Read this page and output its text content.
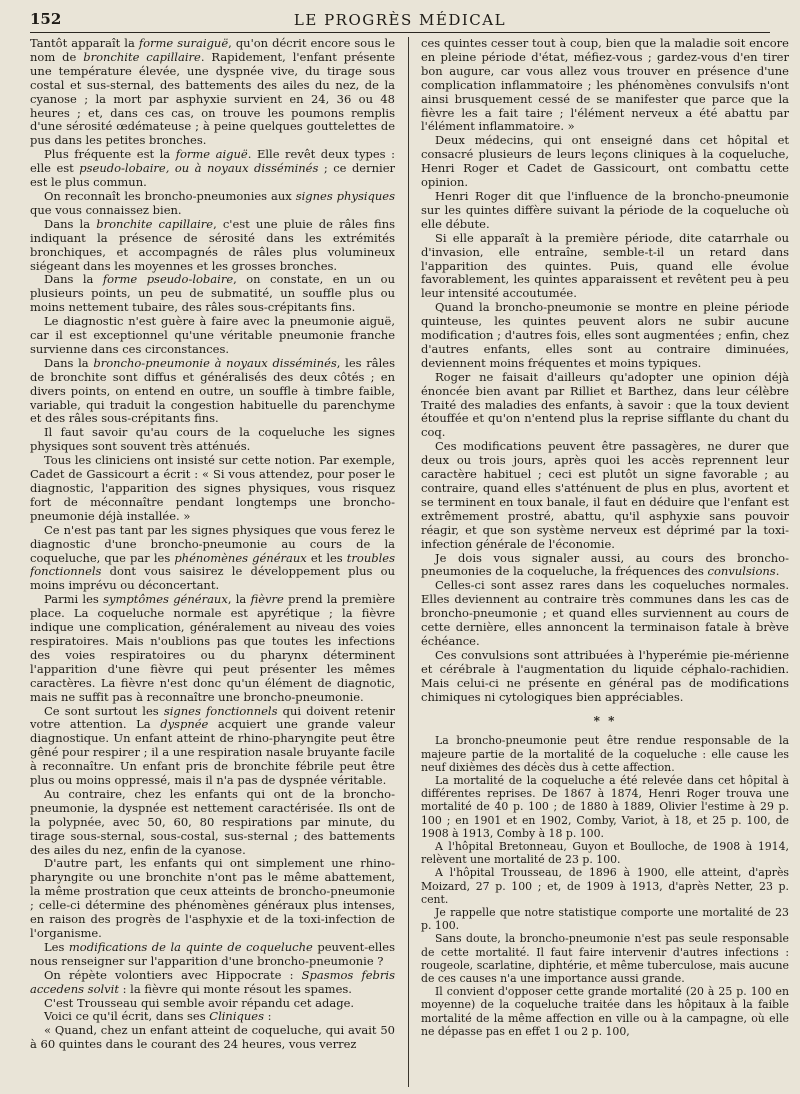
152	LE PROGRÈS MÉDICAL

Tantôt apparaît la forme suraiguë, qu'on décrit encore sous le nom de bronchite capillaire. Rapidement, l'enfant présente une température élevée, une dyspnée vive, du tirage sous costal et sus-sternal, des battements des ailes du nez, de la cyanose ; la mort par asphyxie survient en 24, 36 ou 48 heures ; et, dans ces cas, on trouve les poumons remplis d'une sérosité œdémateuse ; à peine quelques gouttelettes de pus dans les petites bronches.

Plus fréquente est la forme aiguë. Elle revêt deux types : elle est pseudo-lobaire, ou à noyaux disséminés ; ce dernier est le plus commun.

On reconnaît les broncho-pneumonies aux signes physiques que vous connaissez bien.

Dans la bronchite capillaire, c'est une pluie de râles fins indiquant la présence de sérosité dans les extrémités bronchiques, et accompagnés de râles plus volumineux siégeant dans les moyennes et les grosses bronches.

Dans la forme pseudo-lobaire, on constate, en un ou plusieurs points, un peu de submatité, un souffle plus ou moins nettement tubaire, des râles sous-crépitants fins.

Le diagnostic n'est guère à faire avec la pneumonie aiguë, car il est exceptionnel qu'une véritable pneumonie franche survienne dans ces circonstances.

Dans la broncho-pneumonie à noyaux disséminés, les râles de bronchite sont diffus et généralisés des deux côtés ; en divers points, on entend en outre, un souffle à timbre faible, variable, qui traduit la congestion habituelle du parenchyme et des râles sous-crépitants fins.

Il faut savoir qu'au cours de la coqueluche les signes physiques sont souvent très atténués.

Tous les cliniciens ont insisté sur cette notion. Par exemple, Cadet de Gassicourt a écrit : « Si vous attendez, pour poser le diagnostic, l'apparition des signes physiques, vous risquez fort de méconnaître pendant longtemps une broncho-pneumonie déjà installée. »

Ce n'est pas tant par les signes physiques que vous ferez le diagnostic d'une broncho-pneumonie au cours de la coqueluche, que par les phénomènes généraux et les troubles fonctionnels dont vous saisirez le développement plus ou moins imprévu ou déconcertant.

Parmi les symptômes généraux, la fièvre prend la première place. La coqueluche normale est apyrétique ; la fièvre indique une complication, généralement au niveau des voies respiratoires. Mais n'oublions pas que toutes les infections des voies respiratoires ou du pharynx déterminent l'apparition d'une fièvre qui peut présenter les mêmes caractères. La fièvre n'est donc qu'un élément de diagnotic, mais ne suffit pas à reconnaître une broncho-pneumonie.

Ce sont surtout les signes fonctionnels qui doivent retenir votre attention. La dyspnée acquiert une grande valeur diagnostique. Un enfant atteint de rhino-pharyngite peut être gêné pour respirer ; il a une respiration nasale bruyante facile à reconnaître. Un enfant pris de bronchite fébrile peut être plus ou moins oppressé, mais il n'a pas de dyspnée véritable.

Au contraire, chez les enfants qui ont de la broncho-pneumonie, la dyspnée est nettement caractérisée. Ils ont de la polypnée, avec 50, 60, 80 respirations par minute, du tirage sous-sternal, sous-costal, sus-sternal ; des battements des ailes du nez, enfin de la cyanose.

D'autre part, les enfants qui ont simplement une rhino-pharyngite ou une bronchite n'ont pas le même abattement, la même prostration que ceux atteints de broncho-pneumonie ; celle-ci détermine des phénomènes généraux plus intenses, en raison des progrès de l'asphyxie et de la toxi-infection de l'organisme.

Les modifications de la quinte de coqueluche peuvent-elles nous renseigner sur l'apparition d'une broncho-pneumonie ?

On répète volontiers avec Hippocrate : Spasmos febris accedens solvit : la fièvre qui monte résout les spames.

C'est Trousseau qui semble avoir répandu cet adage.

Voici ce qu'il écrit, dans ses Cliniques :

« Quand, chez un enfant atteint de coqueluche, qui avait 50 à 60 quintes dans le courant des 24 heures, vous verrez

ces quintes cesser tout à coup, bien que la maladie soit encore en pleine période d'état, méfiez-vous ; gardez-vous d'en tirer bon augure, car vous allez vous trouver en présence d'une complication inflammatoire ; les phénomènes convulsifs n'ont ainsi brusquement cessé de se manifester que parce que la fièvre les a fait taire ; l'élément nerveux a été abattu par l'élément inflammatoire. »

Deux médecins, qui ont enseigné dans cet hôpital et consacré plusieurs de leurs leçons cliniques à la coqueluche, Henri Roger et Cadet de Gassicourt, ont combattu cette opinion.

Henri Roger dit que l'influence de la broncho-pneumonie sur les quintes diffère suivant la période de la coqueluche où elle débute.

Si elle apparaît à la première période, dite catarrhale ou d'invasion, elle entraîne, semble-t-il un retard dans l'apparition des quintes. Puis, quand elle évolue favorablement, les quintes apparaissent et revêtent peu à peu leur intensité accoutumée.

Quand la broncho-pneumonie se montre en pleine période quinteuse, les quintes peuvent alors ne subir aucune modification ; d'autres fois, elles sont augmentées ; enfin, chez d'autres enfants, elles sont au contraire diminuées, deviennent moins fréquentes et moins typiques.

Roger ne faisait d'ailleurs qu'adopter une opinion déjà énoncée bien avant par Rilliet et Barthez, dans leur célèbre Traité des maladies des enfants, à savoir : que la toux devient étouffée et qu'on n'entend plus la reprise sifflante du chant du coq.

Ces modifications peuvent être passagères, ne durer que deux ou trois jours, après quoi les accès reprennent leur caractère habituel ; ceci est plutôt un signe favorable ; au contraire, quand elles s'atténuent de plus en plus, avortent et se terminent en toux banale, il faut en déduire que l'enfant est extrêmement prostré, abattu, qu'il asphyxie sans pouvoir réagir, et que son système nerveux est déprimé par la toxi-infection générale de l'économie.

Je dois vous signaler aussi, au cours des broncho-pneumonies de la coqueluche, la fréquences des convulsions.

Celles-ci sont assez rares dans les coqueluches normales. Elles deviennent au contraire très communes dans les cas de broncho-pneumonie ; et quand elles surviennent au cours de cette dernière, elles annoncent la terminaison fatale à brève échéance.

Ces convulsions sont attribuées à l'hyperémie pie-mérienne et cérébrale à l'augmentation du liquide céphalo-rachidien. Mais celui-ci ne présente en général pas de modifications chimiques ni cytologiques bien appréciables.

* *

La broncho-pneumonie peut être rendue responsable de la majeure partie de la mortalité de la coqueluche : elle cause les neuf dixièmes des décès dus à cette affection.

La mortalité de la coqueluche a été relevée dans cet hôpital à différentes reprises. De 1867 à 1874, Henri Roger trouva une mortalité de 40 p. 100 ; de 1880 à 1889, Olivier l'estime à 29 p. 100 ; en 1901 et en 1902, Comby, Variot, à 18, et 25 p. 100, de 1908 à 1913, Comby à 18 p. 100.

A l'hôpital Bretonneau, Guyon et Boulloche, de 1908 à 1914, relèvent une mortalité de 23 p. 100.

A l'hôpital Trousseau, de 1896 à 1900, elle atteint, d'après Moizard, 27 p. 100 ; et, de 1909 à 1913, d'après Netter, 23 p. cent.

Je rappelle que notre statistique comporte une mortalité de 23 p. 100.

Sans doute, la broncho-pneumonie n'est pas seule responsable de cette mortalité. Il faut faire intervenir d'autres infections : rougeole, scarlatine, diphtérie, et même tuberculose, mais aucune de ces causes n'a une importance aussi grande.

Il convient d'opposer cette grande mortalité (20 à 25 p. 100 en moyenne) de la coqueluche traitée dans les hôpitaux à la faible mortalité de la même affection en ville ou à la campagne, où elle ne dépasse pas en effet 1 ou 2 p. 100,
